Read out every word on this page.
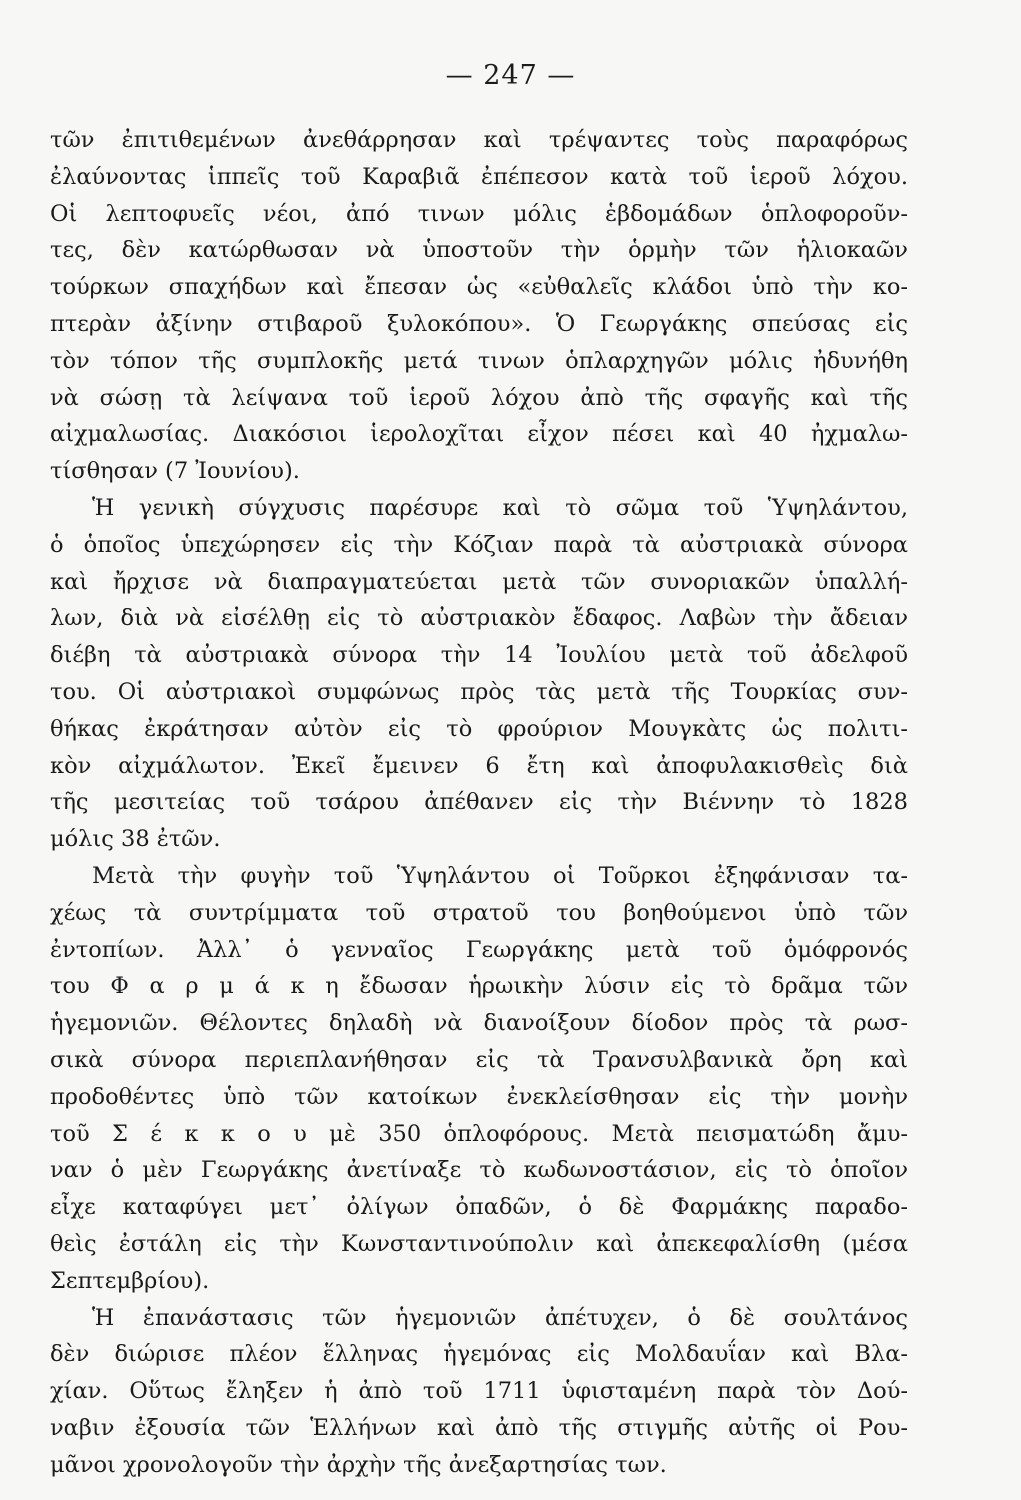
— 247 —
τῶν ἐπιτιθεμένων ἀνεθάρρησαν καὶ τρέψαντες τοὺς παραφόρως
ἐλαύνοντας ἱππεῖς τοῦ Καραβιᾶ ἐπέπεσον κατὰ τοῦ ἱεροῦ λόχου.
Οἱ λεπτοφυεῖς νέοι, ἀπό τινων μόλις ἑβδομάδων ὁπλοφοροῦν-
τες, δὲν κατώρθωσαν νὰ ὑποστοῦν τὴν ὁρμὴν τῶν ἡλιοκαῶν
τούρκων σπαχήδων καὶ ἔπεσαν ὡς «εὐθαλεῖς κλάδοι ὑπὸ τὴν κο-
πτερὰν ἀξίνην στιβαροῦ ξυλοκόπου». Ὁ Γεωργάκης σπεύσας εἰς
τὸν τόπον τῆς συμπλοκῆς μετά τινων ὁπλαρχηγῶν μόλις ἠδυνήθη
νὰ σώσῃ τὰ λείψανα τοῦ ἱεροῦ λόχου ἀπὸ τῆς σφαγῆς καὶ τῆς
αἰχμαλωσίας. Διακόσιοι ἱερολοχῖται εἶχον πέσει καὶ 40 ἠχμαλω-
τίσθησαν (7 Ἰουνίου).
Ἡ γενικὴ σύγχυσις παρέσυρε καὶ τὸ σῶμα τοῦ Ὑψηλάντου,
ὁ ὁποῖος ὑπεχώρησεν εἰς τὴν Κόζιαν παρὰ τὰ αὐστριακὰ σύνορα
καὶ ἤρχισε νὰ διαπραγματεύεται μετὰ τῶν συνοριακῶν ὑπαλλή-
λων, διὰ νὰ εἰσέλθῃ εἰς τὸ αὐστριακὸν ἔδαφος. Λαβὼν τὴν ἄδειαν
διέβη τὰ αὐστριακὰ σύνορα τὴν 14 Ἰουλίου μετὰ τοῦ ἀδελφοῦ
του. Οἱ αὐστριακοὶ συμφώνως πρὸς τὰς μετὰ τῆς Τουρκίας συν-
θήκας ἐκράτησαν αὐτὸν εἰς τὸ φρούριον Μουγκὰτς ὡς πολιτι-
κὸν αἰχμάλωτον. Ἐκεῖ ἔμεινεν 6 ἔτη καὶ ἀποφυλακισθεὶς διὰ
τῆς μεσιτείας τοῦ τσάρου ἀπέθανεν εἰς τὴν Βιέννην τὸ 1828
μόλις 38 ἐτῶν.
Μετὰ τὴν φυγὴν τοῦ Ὑψηλάντου οἱ Τοῦρκοι ἐξηφάνισαν τα-
χέως τὰ συντρίμματα τοῦ στρατοῦ του βοηθούμενοι ὑπὸ τῶν
ἐντοπίων. Ἀλλ᾽ ὁ γενναῖος Γεωργάκης μετὰ τοῦ ὁμόφρονός
του Φ α ρ μ ά κ η ἔδωσαν ἡρωικὴν λύσιν εἰς τὸ δρᾶμα τῶν
ἡγεμονιῶν. Θέλοντες δηλαδὴ νὰ διανοίξουν δίοδον πρὸς τὰ ρωσ-
σικὰ σύνορα περιεπλανήθησαν εἰς τὰ Τρανσυλβανικὰ ὄρη καὶ
προδοθέντες ὑπὸ τῶν κατοίκων ἐνεκλείσθησαν εἰς τὴν μονὴν
τοῦ Σ έ κ κ ο υ μὲ 350 ὁπλοφόρους. Μετὰ πεισματώδη ἄμυ-
ναν ὁ μὲν Γεωργάκης ἀνετίναξε τὸ κωδωνοστάσιον, εἰς τὸ ὁποῖον
εἶχε καταφύγει μετ᾽ ὀλίγων ὀπαδῶν, ὁ δὲ Φαρμάκης παραδο-
θεὶς ἐστάλη εἰς τὴν Κωνσταντινούπολιν καὶ ἀπεκεφαλίσθη (μέσα
Σεπτεμβρίου).
Ἡ ἐπανάστασις τῶν ἡγεμονιῶν ἀπέτυχεν, ὁ δὲ σουλτάνος
δὲν διώρισε πλέον ἕλληνας ἡγεμόνας εἰς Μολδαυΐαν καὶ Βλα-
χίαν. Οὕτως ἔληξεν ἡ ἀπὸ τοῦ 1711 ὑφισταμένη παρὰ τὸν Δού-
ναβιν ἐξουσία τῶν Ἑλλήνων καὶ ἀπὸ τῆς στιγμῆς αὐτῆς οἱ Ρου-
μᾶνοι χρονολογοῦν τὴν ἀρχὴν τῆς ἀνεξαρτησίας των.
